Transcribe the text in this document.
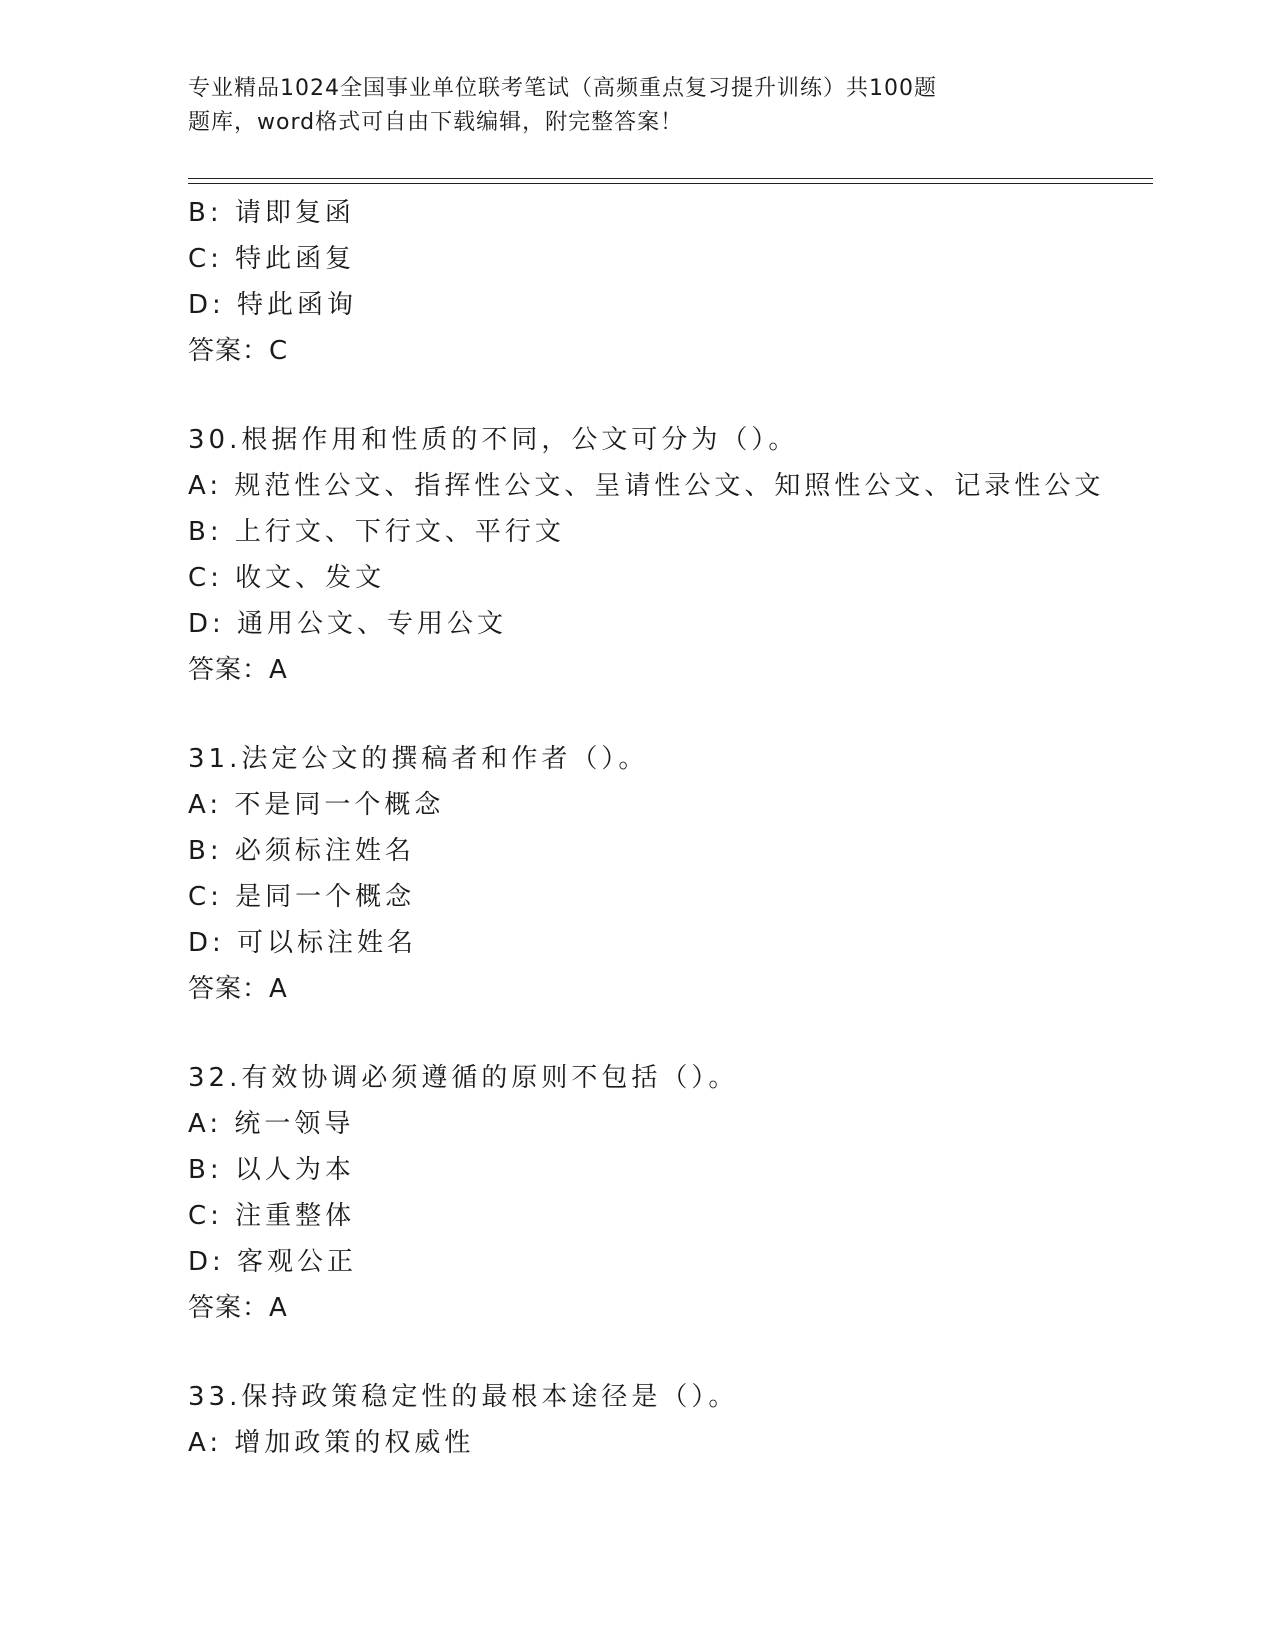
专业精品1024全国事业单位联考笔试（高频重点复习提升训练）共100题
题库，word格式可自由下载编辑，附完整答案！
B: 请即复函
C: 特此函复
D: 特此函询
答案：C
30.根据作用和性质的不同，公文可分为（）。
A: 规范性公文、指挥性公文、呈请性公文、知照性公文、记录性公文
B: 上行文、下行文、平行文
C: 收文、发文
D: 通用公文、专用公文
答案：A
31.法定公文的撰稿者和作者（）。
A: 不是同一个概念
B: 必须标注姓名
C: 是同一个概念
D: 可以标注姓名
答案：A
32.有效协调必须遵循的原则不包括（）。
A: 统一领导
B: 以人为本
C: 注重整体
D: 客观公正
答案：A
33.保持政策稳定性的最根本途径是（）。
A: 增加政策的权威性
